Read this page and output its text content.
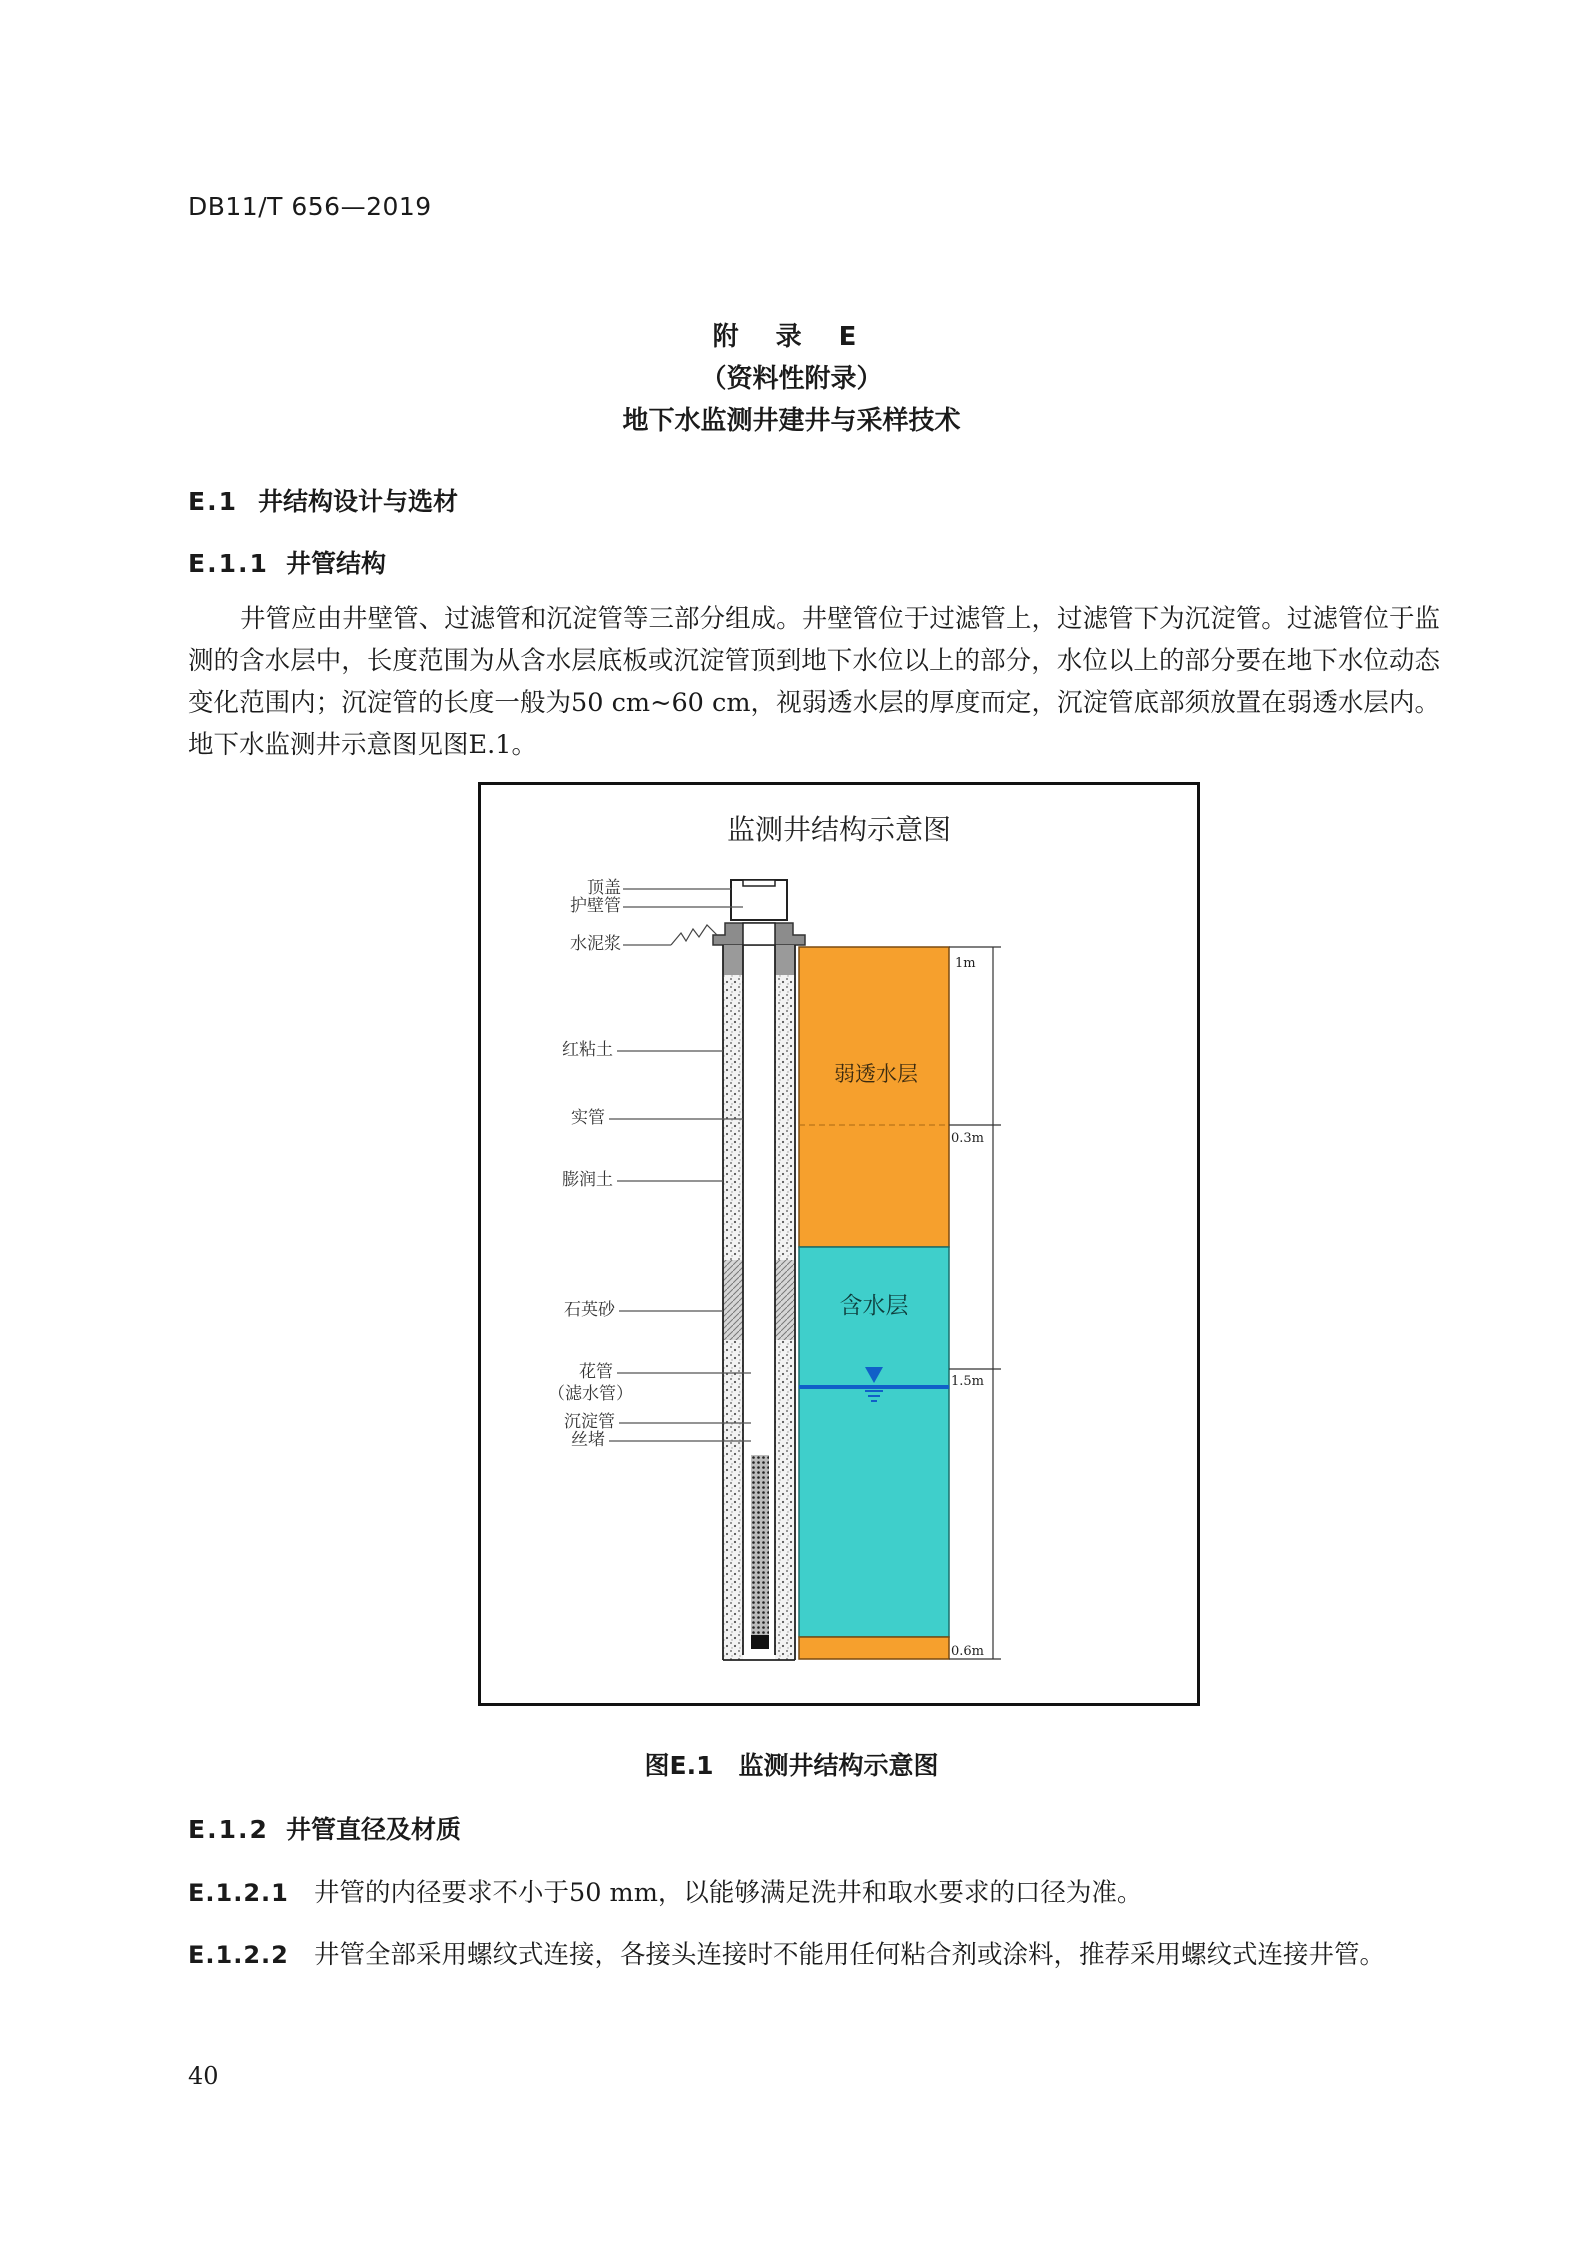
DB11/T 656—2019
附 录 E
（资料性附录）
地下水监测井建井与采样技术
E.1 井结构设计与选材
E.1.1 井管结构
井管应由井壁管、过滤管和沉淀管等三部分组成。井壁管位于过滤管上，过滤管下为沉淀管。过滤管位于监测的含水层中，长度范围为从含水层底板或沉淀管顶到地下水位以上的部分，水位以上的部分要在地下水位动态变化范围内；沉淀管的长度一般为50 cm~60 cm，视弱透水层的厚度而定，沉淀管底部须放置在弱透水层内。地下水监测井示意图见图E.1。
监测井结构示意图
弱透水层
含水层
1m
0.3m
1.5m
0.6m
顶盖
护壁管
水泥浆
红粘土
实管
膨润土
石英砂
花管
（滤水管）
沉淀管
丝堵
图E.1　监测井结构示意图
E.1.2 井管直径及材质
E.1.2.1 井管的内径要求不小于50 mm，以能够满足洗井和取水要求的口径为准。
E.1.2.2 井管全部采用螺纹式连接，各接头连接时不能用任何粘合剂或涂料，推荐采用螺纹式连接井管。
40
